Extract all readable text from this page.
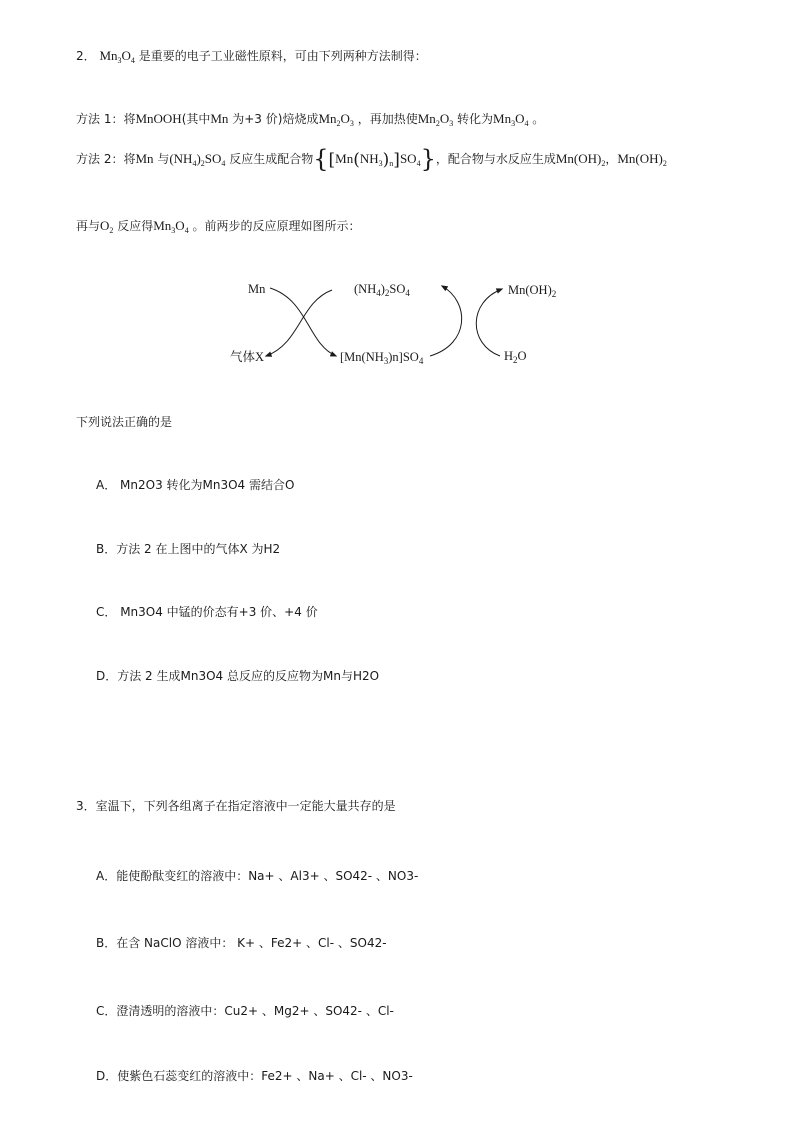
2． $Mn_3O_4$ 是重要的电子工业磁性原料，可由下列两种方法制得：
方法 1：将MnOOH(其中Mn 为+3 价)焙烧成$Mn_2O_3$ ，再加热使$Mn_2O_3$ 转化为$Mn_3O_4$ 。
方法 2：将Mn 与$(NH_4)_2SO_4$ 反应生成配合物$\{[Mn(NH_3)_n]SO_4\}$，配合物与水反应生成$Mn(OH)_2$，$Mn(OH)_2$
再与$O_2$ 反应得$Mn_3O_4$ 。前两步的反应原理如图所示：
Mn
气体X
$(NH_4)_2SO_4$
$[Mn(NH_3)n]SO_4$
$Mn(OH)_2$
$H_2O$
下列说法正确的是
A． Mn2O3 转化为Mn3O4 需结合O
B．方法 2 在上图中的气体X 为H2
C． Mn3O4 中锰的价态有+3 价、+4 价
D．方法 2 生成Mn3O4 总反应的反应物为Mn与H2O
3．室温下，下列各组离子在指定溶液中一定能大量共存的是
A．能使酚酞变红的溶液中：Na+ 、Al3+ 、SO42- 、NO3-
B．在含 NaClO 溶液中： K+ 、Fe2+ 、Cl- 、SO42-
C．澄清透明的溶液中：Cu2+ 、Mg2+ 、SO42- 、Cl-
D．使紫色石蕊变红的溶液中：Fe2+ 、Na+ 、Cl- 、NO3-
